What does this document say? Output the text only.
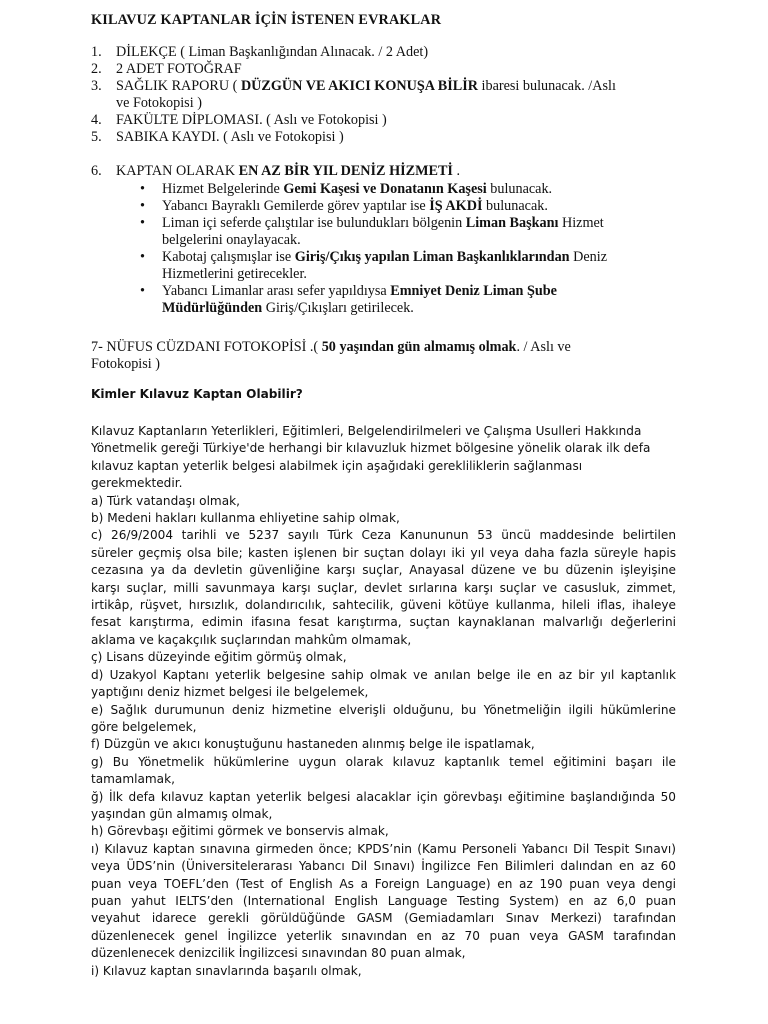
KILAVUZ KAPTANLAR İÇİN İSTENEN EVRAKLAR
1. DİLEKÇE ( Liman Başkanlığından Alınacak. / 2 Adet)
2. 2 ADET FOTOĞRAF
3. SAĞLIK RAPORU ( DÜZGÜN VE AKICI KONUŞA BİLİR ibaresi bulunacak. /Aslı
ve Fotokopisi )
4. FAKÜLTE DİPLOMASI. ( Aslı ve Fotokopisi )
5. SABIKA KAYDI. ( Aslı ve Fotokopisi )
6. KAPTAN OLARAK EN AZ BİR YIL DENİZ HİZMETİ .
• Hizmet Belgelerinde Gemi Kaşesi ve Donatanın Kaşesi bulunacak.
• Yabancı Bayraklı Gemilerde görev yaptılar ise İŞ AKDİ bulunacak.
• Liman içi seferde çalıştılar ise bulundukları bölgenin Liman Başkanı Hizmet
belgelerini onaylayacak.
• Kabotaj çalışmışlar ise Giriş/Çıkış yapılan Liman Başkanlıklarından Deniz
Hizmetlerini getirecekler.
• Yabancı Limanlar arası sefer yapıldıysa Emniyet Deniz Liman Şube
Müdürlüğünden Giriş/Çıkışları getirilecek.
7- NÜFUS CÜZDANI FOTOKOPİSİ .( 50 yaşından gün almamış olmak. / Aslı ve
Fotokopisi )
Kimler Kılavuz Kaptan Olabilir?

Kılavuz Kaptanların Yeterlikleri, Eğitimleri, Belgelendirilmeleri ve Çalışma Usulleri Hakkında

Yönetmelik gereği Türkiye'de herhangi bir kılavuzluk hizmet bölgesine yönelik olarak ilk defa

kılavuz kaptan yeterlik belgesi alabilmek için aşağıdaki gerekliliklerin sağlanması

gerekmektedir.

a) Türk vatandaşı olmak,

b) Medeni hakları kullanma ehliyetine sahip olmak,

c) 26/9/2004 tarihli ve 5237 sayılı Türk Ceza Kanununun 53 üncü maddesinde belirtilen

süreler geçmiş olsa bile; kasten işlenen bir suçtan dolayı iki yıl veya daha fazla süreyle hapis

cezasına ya da devletin güvenliğine karşı suçlar, Anayasal düzene ve bu düzenin işleyişine

karşı suçlar, milli savunmaya karşı suçlar, devlet sırlarına karşı suçlar ve casusluk, zimmet,

irtikâp, rüşvet, hırsızlık, dolandırıcılık, sahtecilik, güveni kötüye kullanma, hileli iflas, ihaleye

fesat karıştırma, edimin ifasına fesat karıştırma, suçtan kaynaklanan malvarlığı değerlerini

aklama ve kaçakçılık suçlarından mahkûm olmamak,

ç) Lisans düzeyinde eğitim görmüş olmak,

d) Uzakyol Kaptanı yeterlik belgesine sahip olmak ve anılan belge ile en az bir yıl kaptanlık

yaptığını deniz hizmet belgesi ile belgelemek,

e) Sağlık durumunun deniz hizmetine elverişli olduğunu, bu Yönetmeliğin ilgili hükümlerine

göre belgelemek,

f) Düzgün ve akıcı konuştuğunu hastaneden alınmış belge ile ispatlamak,

g) Bu Yönetmelik hükümlerine uygun olarak kılavuz kaptanlık temel eğitimini başarı ile

tamamlamak,

ğ) İlk defa kılavuz kaptan yeterlik belgesi alacaklar için görevbaşı eğitimine başlandığında 50

yaşından gün almamış olmak,

h) Görevbaşı eğitimi görmek ve bonservis almak,

ı) Kılavuz kaptan sınavına girmeden önce; KPDS’nin (Kamu Personeli Yabancı Dil Tespit Sınavı)

veya ÜDS’nin (Üniversitelerarası Yabancı Dil Sınavı) İngilizce Fen Bilimleri dalından en az 60

puan veya TOEFL’den (Test of English As a Foreign Language) en az 190 puan veya dengi

puan yahut IELTS’den (International English Language Testing System) en az 6,0 puan

veyahut idarece gerekli görüldüğünde GASM (Gemiadamları Sınav Merkezi) tarafından

düzenlenecek genel İngilizce yeterlik sınavından en az 70 puan veya GASM tarafından

düzenlenecek denizcilik İngilizcesi sınavından 80 puan almak,

i) Kılavuz kaptan sınavlarında başarılı olmak,
